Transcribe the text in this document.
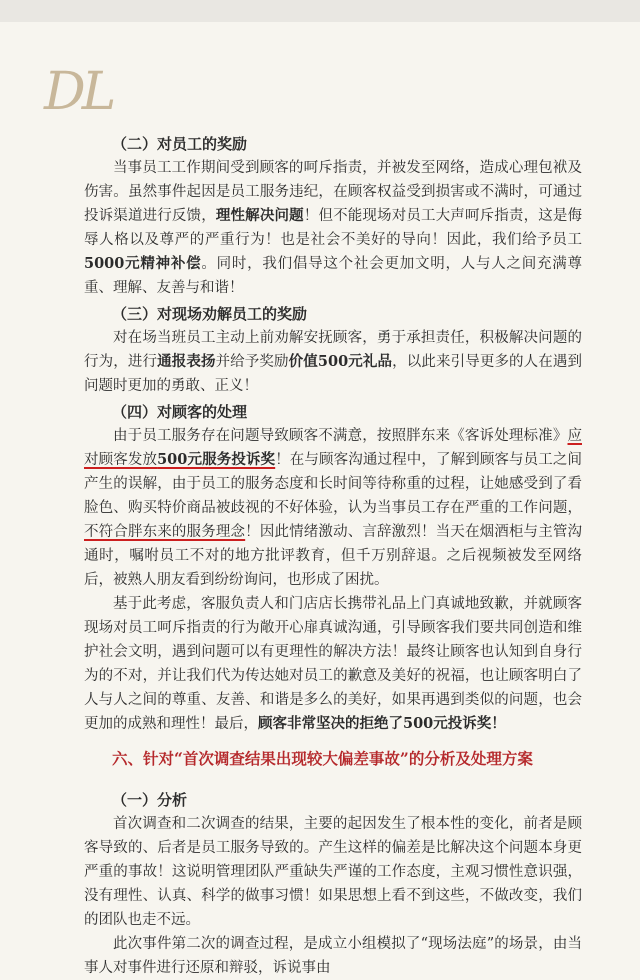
DL

（二）对员工的奖励

当事员工工作期间受到顾客的呵斥指责，并被发至网络，造成心理包袱及伤害。虽然事件起因是员工服务违纪，在顾客权益受到损害或不满时，可通过投诉渠道进行反馈，理性解决问题！但不能现场对员工大声呵斥指责，这是侮辱人格以及尊严的严重行为！也是社会不美好的导向！因此，我们给予员工5000元精神补偿。同时，我们倡导这个社会更加文明，人与人之间充满尊重、理解、友善与和谐！

（三）对现场劝解员工的奖励

对在场当班员工主动上前劝解安抚顾客，勇于承担责任，积极解决问题的行为，进行通报表扬并给予奖励价值500元礼品，以此来引导更多的人在遇到问题时更加的勇敢、正义！

（四）对顾客的处理

由于员工服务存在问题导致顾客不满意，按照胖东来《客诉处理标准》应对顾客发放500元服务投诉奖！在与顾客沟通过程中，了解到顾客与员工之间产生的误解，由于员工的服务态度和长时间等待称重的过程，让她感受到了看脸色、购买特价商品被歧视的不好体验，认为当事员工存在严重的工作问题，不符合胖东来的服务理念！因此情绪激动、言辞激烈！当天在烟酒柜与主管沟通时，嘱咐员工不对的地方批评教育，但千万别辞退。之后视频被发至网络后，被熟人朋友看到纷纷询问，也形成了困扰。

基于此考虑，客服负责人和门店店长携带礼品上门真诚地致歉，并就顾客现场对员工呵斥指责的行为敞开心扉真诚沟通，引导顾客我们要共同创造和维护社会文明，遇到问题可以有更理性的解决方法！最终让顾客也认知到自身行为的不对，并让我们代为传达她对员工的歉意及美好的祝福，也让顾客明白了人与人之间的尊重、友善、和谐是多么的美好，如果再遇到类似的问题，也会更加的成熟和理性！最后，顾客非常坚决的拒绝了500元投诉奖！

六、针对“首次调查结果出现较大偏差事故”的分析及处理方案

（一）分析

首次调查和二次调查的结果，主要的起因发生了根本性的变化，前者是顾客导致的、后者是员工服务导致的。产生这样的偏差是比解决这个问题本身更严重的事故！这说明管理团队严重缺失严谨的工作态度，主观习惯性意识强，没有理性、认真、科学的做事习惯！如果思想上看不到这些，不做改变，我们的团队也走不远。

此次事件第二次的调查过程，是成立小组模拟了“现场法庭”的场景，由当事人对事件进行还原和辩驳，诉说事由
